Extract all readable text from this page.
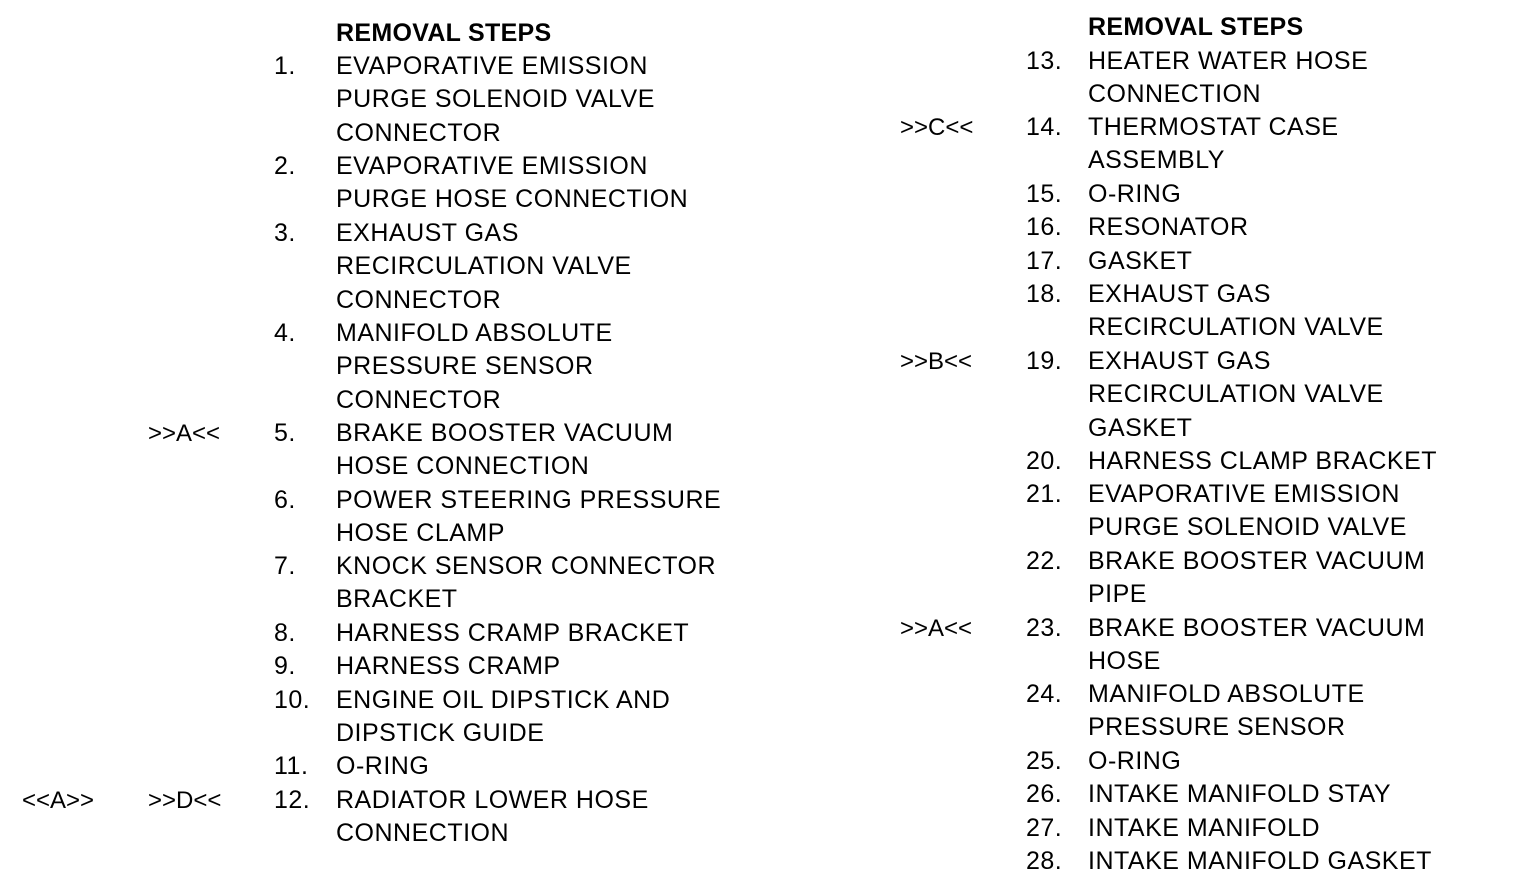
REMOVAL STEPS
1. EVAPORATIVE EMISSION
PURGE SOLENOID VALVE
CONNECTOR
2. EVAPORATIVE EMISSION
PURGE HOSE CONNECTION
3. EXHAUST GAS
RECIRCULATION VALVE
CONNECTOR
4. MANIFOLD ABSOLUTE
PRESSURE SENSOR
CONNECTOR
>>A<< 5. BRAKE BOOSTER VACUUM
HOSE CONNECTION
6. POWER STEERING PRESSURE
HOSE CLAMP
7. KNOCK SENSOR CONNECTOR
BRACKET
8. HARNESS CRAMP BRACKET
9. HARNESS CRAMP
10. ENGINE OIL DIPSTICK AND
DIPSTICK GUIDE
11. O-RING
<<A>> >>D<< 12. RADIATOR LOWER HOSE
CONNECTION
REMOVAL STEPS
13. HEATER WATER HOSE
CONNECTION
>>C<< 14. THERMOSTAT CASE
ASSEMBLY
15. O-RING
16. RESONATOR
17. GASKET
18. EXHAUST GAS
RECIRCULATION VALVE
>>B<< 19. EXHAUST GAS
RECIRCULATION VALVE
GASKET
20. HARNESS CLAMP BRACKET
21. EVAPORATIVE EMISSION
PURGE SOLENOID VALVE
22. BRAKE BOOSTER VACUUM
PIPE
>>A<< 23. BRAKE BOOSTER VACUUM
HOSE
24. MANIFOLD ABSOLUTE
PRESSURE SENSOR
25. O-RING
26. INTAKE MANIFOLD STAY
27. INTAKE MANIFOLD
28. INTAKE MANIFOLD GASKET
